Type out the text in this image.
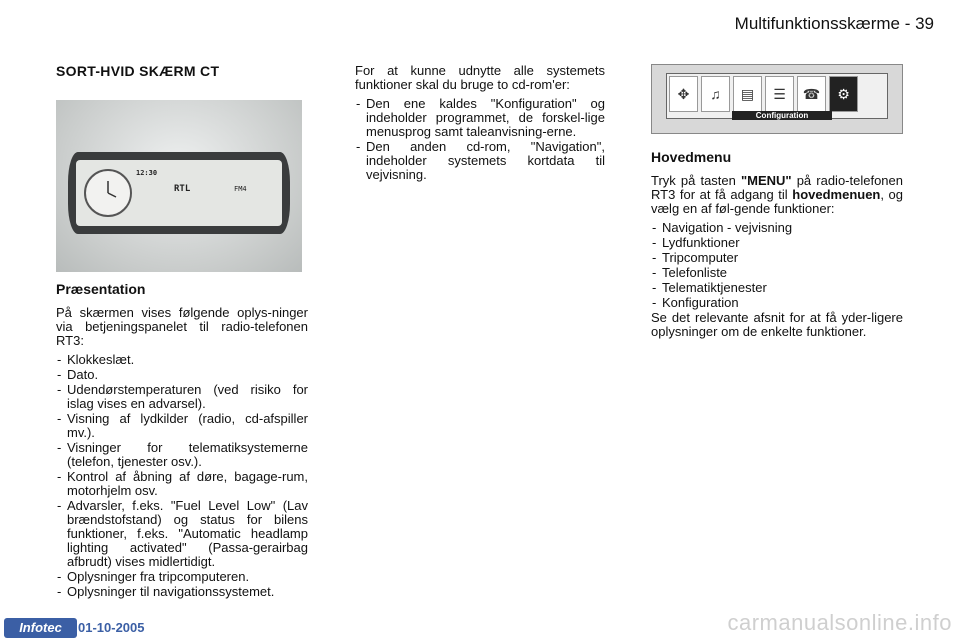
Multifunktionsskærme - 39
SORT-HVID SKÆRM CT
12:30
RTL	FM4
Præsentation

På skærmen vises følgende oplys-ninger via betjeningspanelet til radio-telefonen RT3:

- Klokkeslæt.
- Dato.
- Udendørstemperaturen (ved risiko for islag vises en advarsel).
- Visning af lydkilder (radio, cd-afspiller mv.).
- Visninger for telematiksystemerne (telefon, tjenester osv.).
- Kontrol af åbning af døre, bagage-rum, motorhjelm osv.
- Advarsler, f.eks. "Fuel Level Low" (Lav brændstofstand) og status for bilens funktioner, f.eks. "Automatic headlamp lighting activated" (Passa-gerairbag afbrudt) vises midlertidigt.
- Oplysninger fra tripcomputeren.
- Oplysninger til navigationssystemet.

For at kunne udnytte alle systemets funktioner skal du bruge to cd-rom'er:

- Den ene kaldes "Konfiguration" og indeholder programmet, de forskel-lige menusprog samt taleanvisning-erne.
- Den anden cd-rom, "Navigation", indeholder systemets kortdata til vejvisning.
✥	♫	▤	☰	☎	⚙
Configuration
Hovedmenu

Tryk på tasten "MENU" på radio-telefonen RT3 for at få adgang til hovedmenuen, og vælg en af føl-gende funktioner:

- Navigation - vejvisning
- Lydfunktioner
- Tripcomputer
- Telefonliste
- Telematiktjenester
- Konfiguration

Se det relevante afsnit for at få yder-ligere oplysninger om de enkelte funktioner.

Infotec	01-10-2005	carmanualsonline.info
